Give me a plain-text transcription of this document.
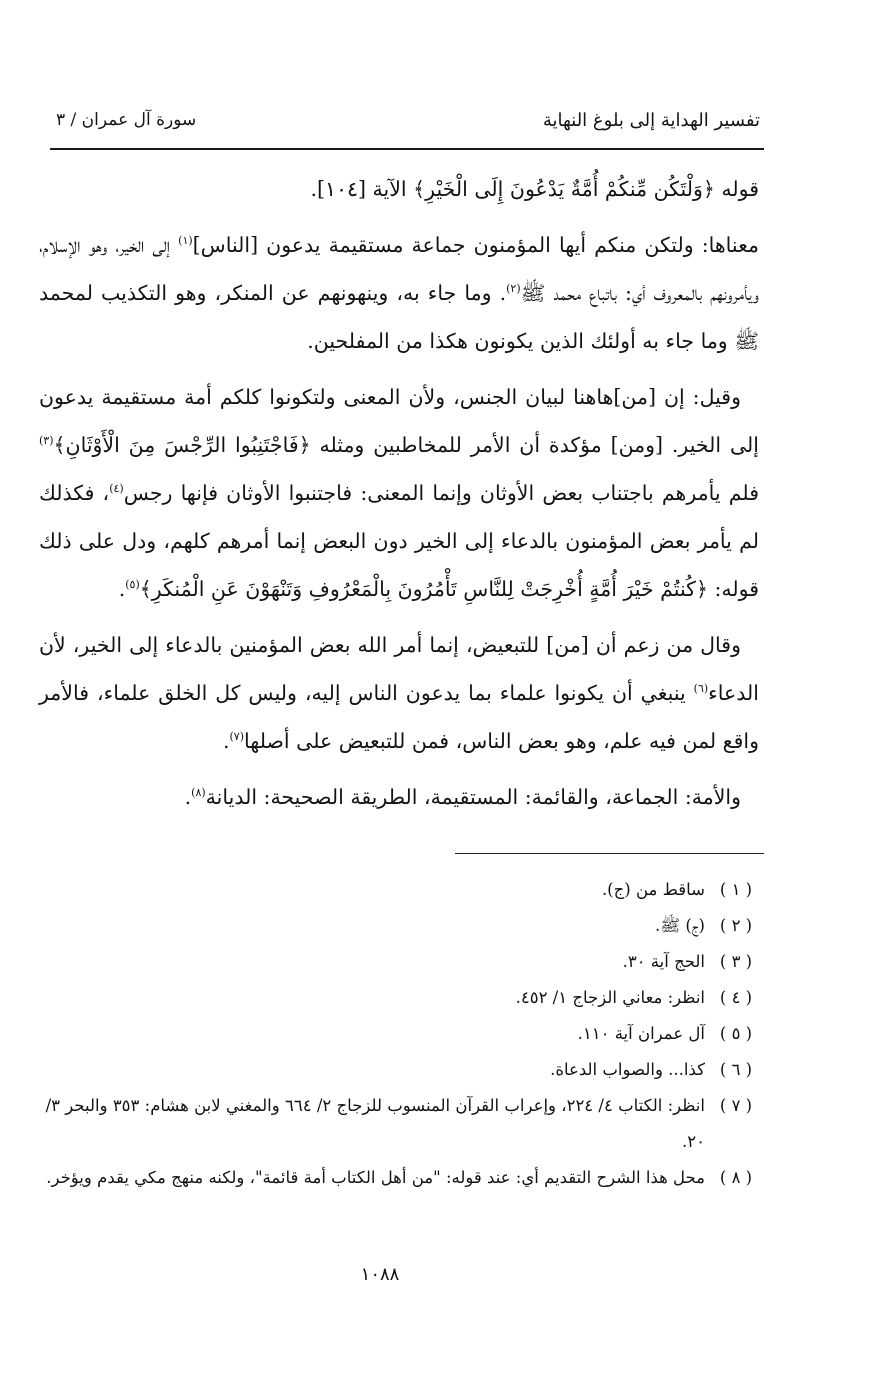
تفسير الهداية إلى بلوغ النهاية
سورة آل عمران / ٣

قوله ﴿وَلْتَكُن مِّنكُمْ أُمَّةٌ يَدْعُونَ إِلَى الْخَيْرِ﴾ الآية [١٠٤].

معناها: ولتكن منكم أيها المؤمنون جماعة مستقيمة يدعون [الناس]$^{(١)}$ إلى الخير، وهو الإسلام، ويأمرونهم بالمعروف أي: باتباع محمد ﷺ$^{(٢)}$. وما جاء به، وينهونهم عن المنكر، وهو التكذيب لمحمد ﷺ وما جاء به أولئك الذين يكونون هكذا من المفلحين.

وقيل: إن [من]هاهنا لبيان الجنس، ولأن المعنى ولتكونوا كلكم أمة مستقيمة يدعون إلى الخير. [ومن] مؤكدة أن الأمر للمخاطبين ومثله ﴿فَاجْتَنِبُوا الرِّجْسَ مِنَ الْأَوْثَانِ﴾$^{(٣)}$ فلم يأمرهم باجتناب بعض الأوثان وإنما المعنى: فاجتنبوا الأوثان فإنها رجس$^{(٤)}$، فكذلك لم يأمر بعض المؤمنون بالدعاء إلى الخير دون البعض إنما أمرهم كلهم، ودل على ذلك قوله: ﴿كُنتُمْ خَيْرَ أُمَّةٍ أُخْرِجَتْ لِلنَّاسِ تَأْمُرُونَ بِالْمَعْرُوفِ وَتَنْهَوْنَ عَنِ الْمُنكَرِ﴾$^{(٥)}$.

وقال من زعم أن [من] للتبعيض، إنما أمر الله بعض المؤمنين بالدعاء إلى الخير، لأن الدعاء$^{(٦)}$ ينبغي أن يكونوا علماء بما يدعون الناس إليه، وليس كل الخلق علماء، فالأمر واقع لمن فيه علم، وهو بعض الناس، فمن للتبعيض على أصلها$^{(٧)}$.

والأمة: الجماعة، والقائمة: المستقيمة، الطريقة الصحيحة: الديانة$^{(٨)}$.

( ١ )
ساقط من (ج).

( ٢ )
(ج) ﷺ.

( ٣ )
الحج آية ٣٠.

( ٤ )
انظر: معاني الزجاج ١/ ٤٥٢.

( ٥ )
آل عمران آية ١١٠.

( ٦ )
كذا... والصواب الدعاة.

( ٧ )
انظر: الكتاب ٤/ ٢٢٤، وإعراب القرآن المنسوب للزجاج ٢/ ٦٦٤ والمغني لابن هشام: ٣٥٣ والبحر ٣/ ٢٠.

( ٨ )
محل هذا الشرح التقديم أي: عند قوله: "من أهل الكتاب أمة قائمة"، ولكنه منهج مكي يقدم ويؤخر.

١٠٨٨
